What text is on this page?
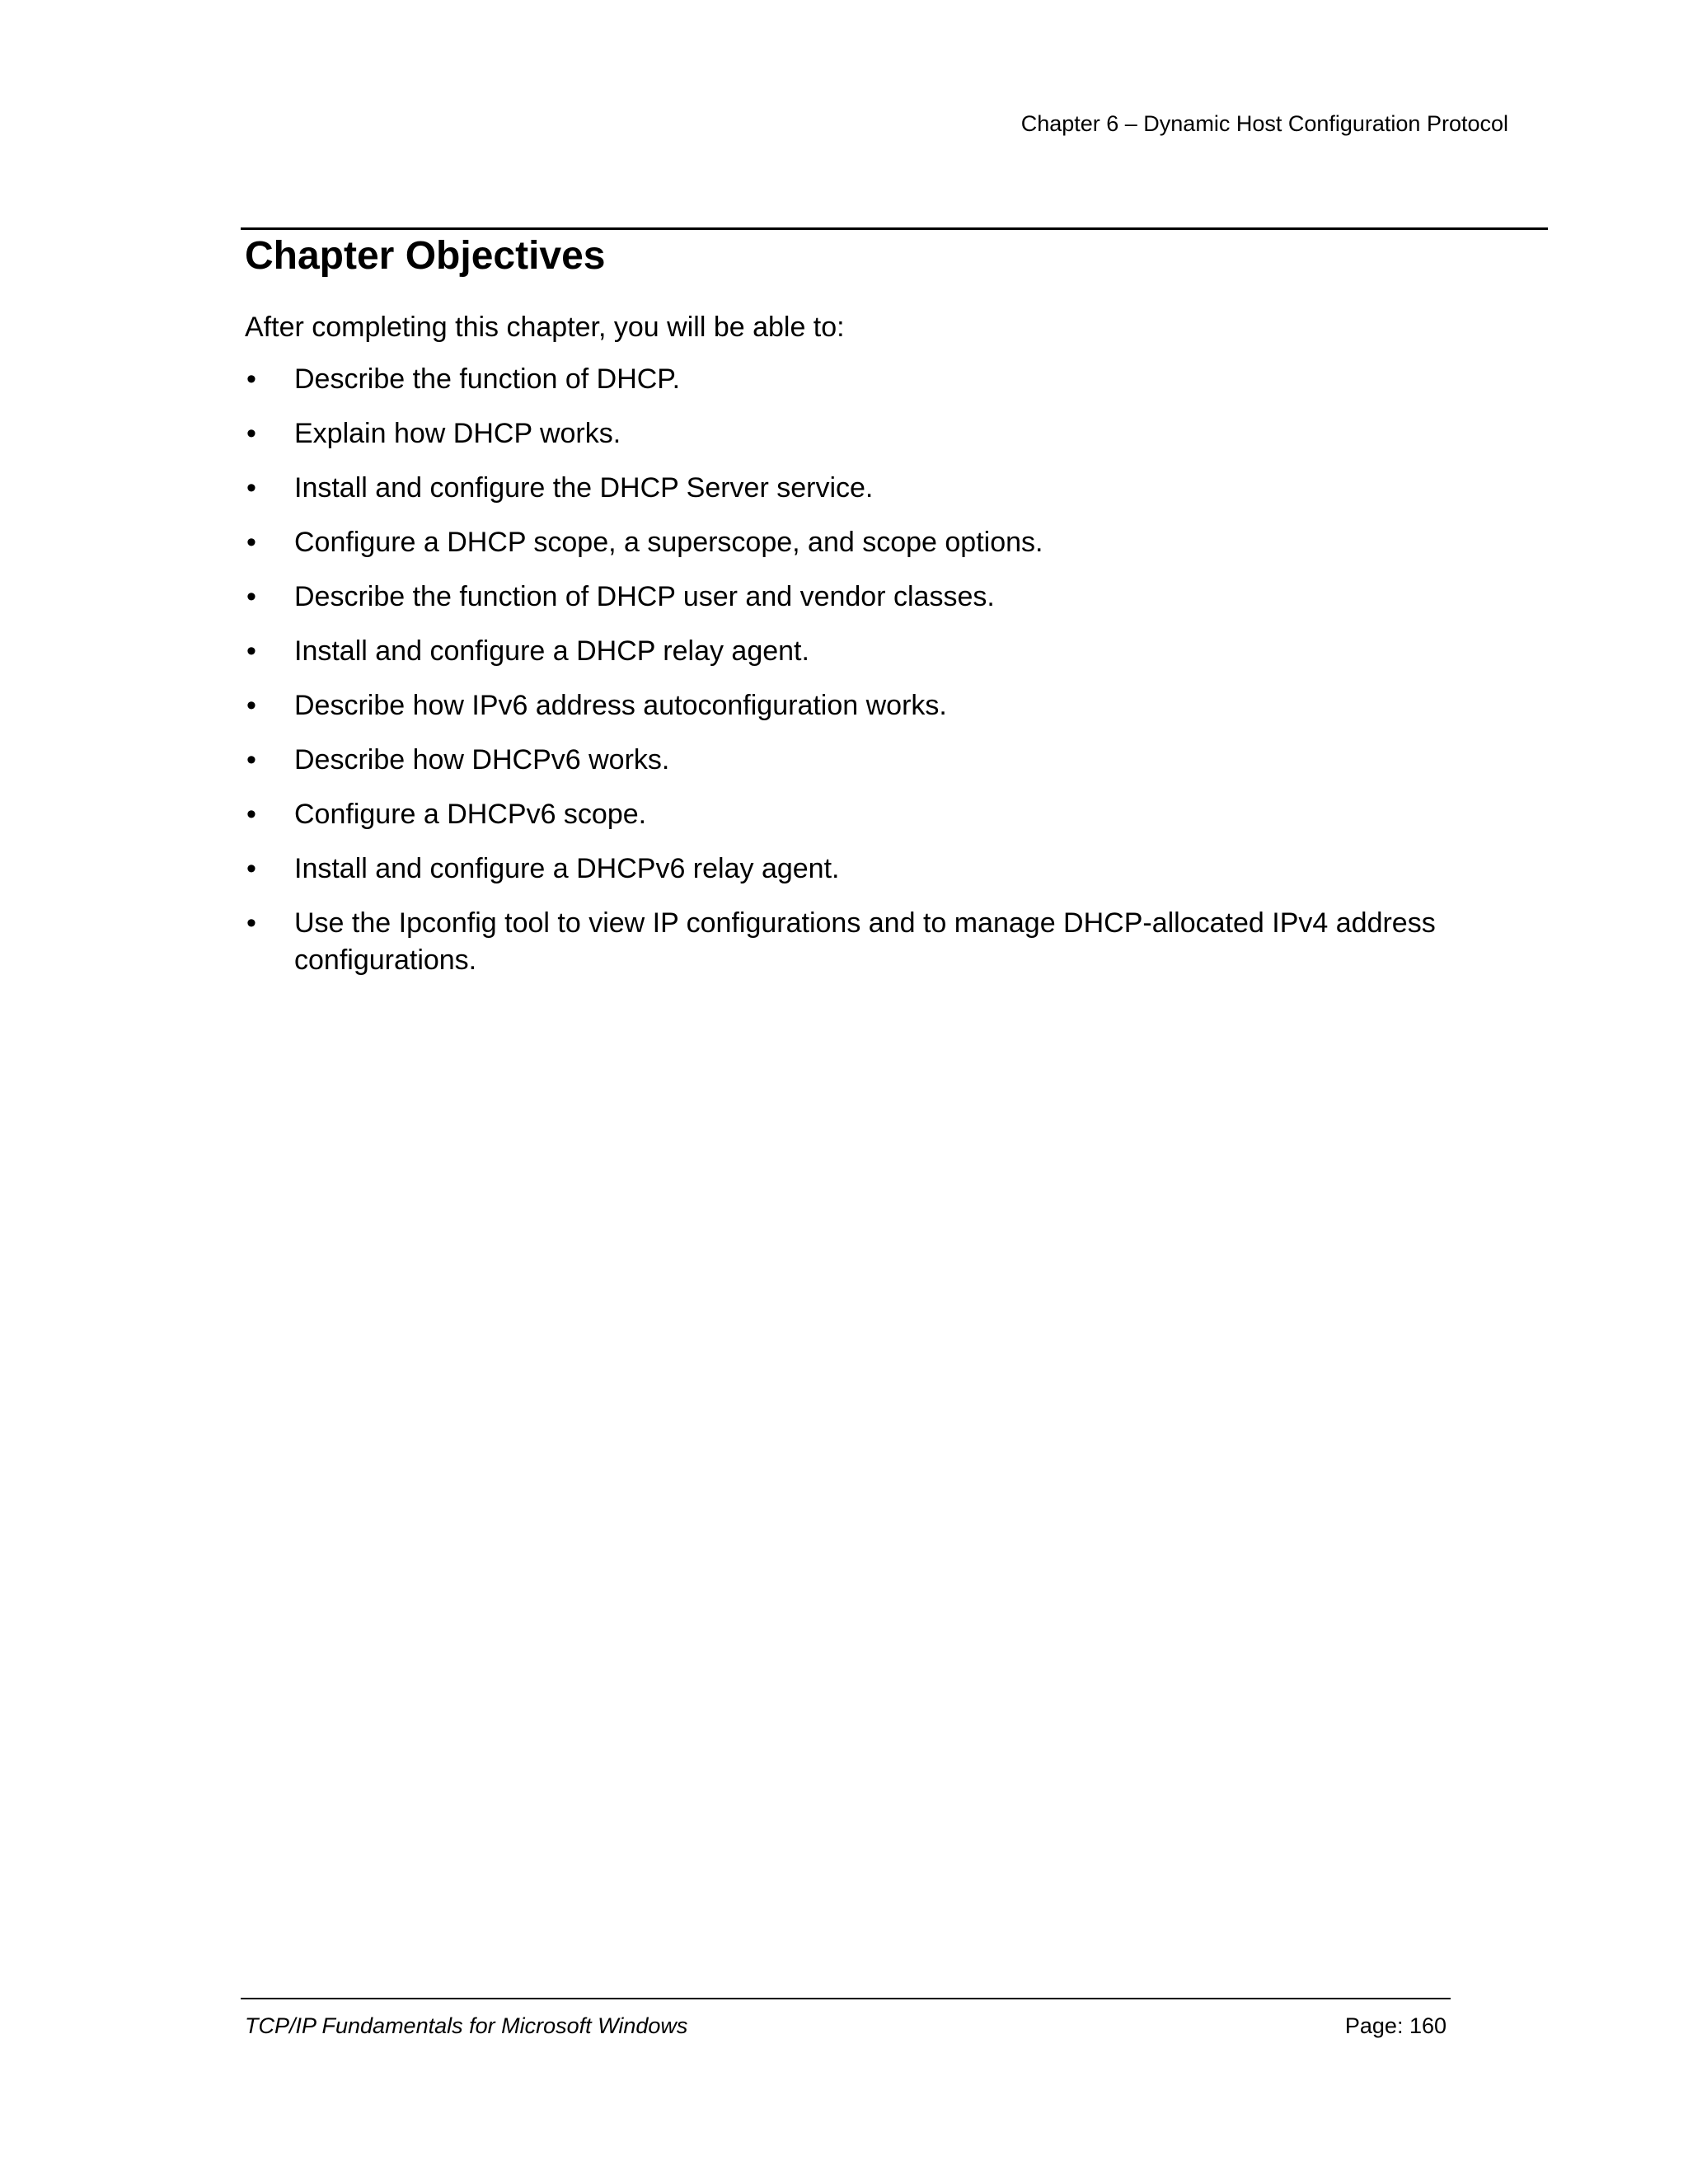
Chapter 6 – Dynamic Host Configuration Protocol
Chapter Objectives

After completing this chapter, you will be able to:

•	Describe the function of DHCP.
•	Explain how DHCP works.
•	Install and configure the DHCP Server service.
•	Configure a DHCP scope, a superscope, and scope options.
•	Describe the function of DHCP user and vendor classes.
•	Install and configure a DHCP relay agent.
•	Describe how IPv6 address autoconfiguration works.
•	Describe how DHCPv6 works.
•	Configure a DHCPv6 scope.
•	Install and configure a DHCPv6 relay agent.
•	Use the Ipconfig tool to view IP configurations and to manage DHCP-allocated IPv4 address configurations.
TCP/IP Fundamentals for Microsoft Windows	Page: 160
